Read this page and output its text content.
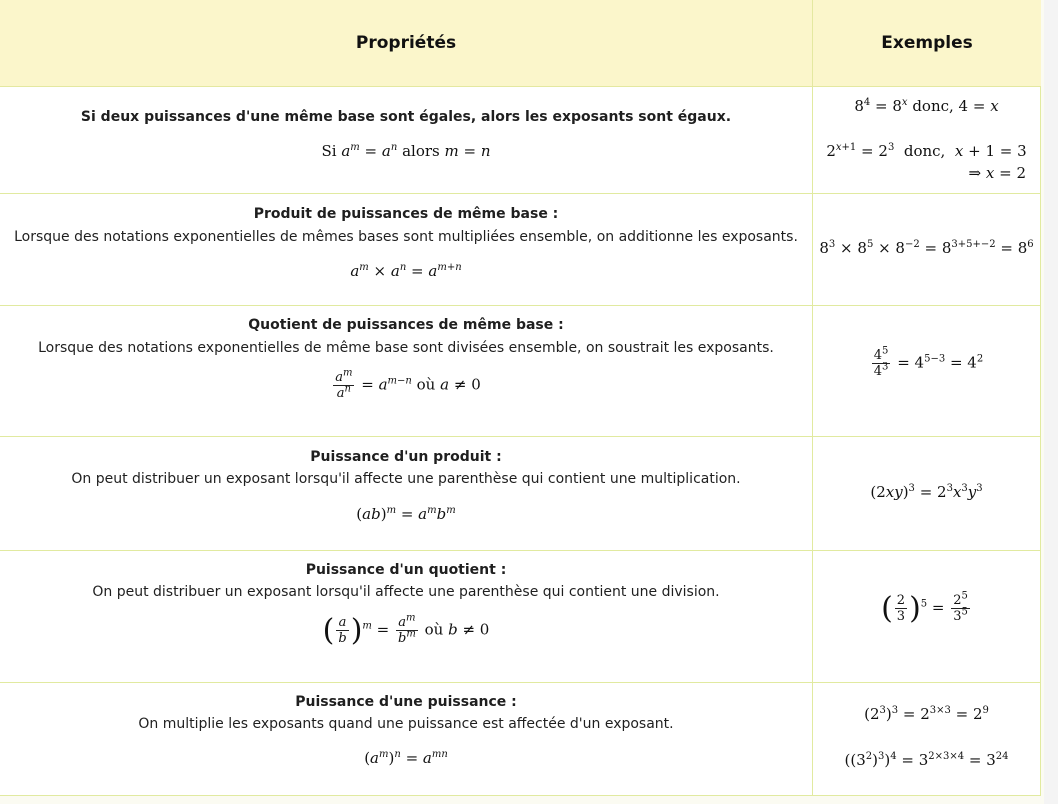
Propriétés	Exemples
Si deux puissances d'une même base sont égales, alors les exposants sont égaux.
Si $a^m = a^n$ alors m = n
$8^4 = 8^x$ donc, 4 = x
$2^{x+1} = 2^3$ donc, x + 1 = 3
⇒ x = 2
Produit de puissances de même base :
Lorsque des notations exponentielles de mêmes bases sont multipliées ensemble, on additionne les exposants.
$a^m \times a^n = a^{m+n}$
$8^3 \times 8^5 \times 8^{-2} = 8^{3+5+-2} = 8^6$
Quotient de puissances de même base :
Lorsque des notations exponentielles de même base sont divisées ensemble, on soustrait les exposants.
$\frac{a^m}{a^n} = a^{m-n}$ où a ≠ 0
$\frac{4^5}{4^3} = 4^{5-3} = 4^2$
Puissance d'un produit :
On peut distribuer un exposant lorsqu'il affecte une parenthèse qui contient une multiplication.
$(ab)^m = a^mb^m$
$(2xy)^3 = 2^3x^3y^3$
Puissance d'un quotient :
On peut distribuer un exposant lorsqu'il affecte une parenthèse qui contient une division.
( $\frac{a}{b} )^m = \frac{a^m}{b^m}$ où b ≠ 0
( $\frac{2}{3} )^5 = \frac{2^5}{3^5}$
Puissance d'une puissance :
On multiplie les exposants quand une puissance est affectée d'un exposant.
$(a^m)^n = a^{mn}$
$(2^3)^3 = 2^{3\times 3} = 2^9$
$((3^2)^3)^4 = 3^{2\times 3\times 4} = 3^{24}$
